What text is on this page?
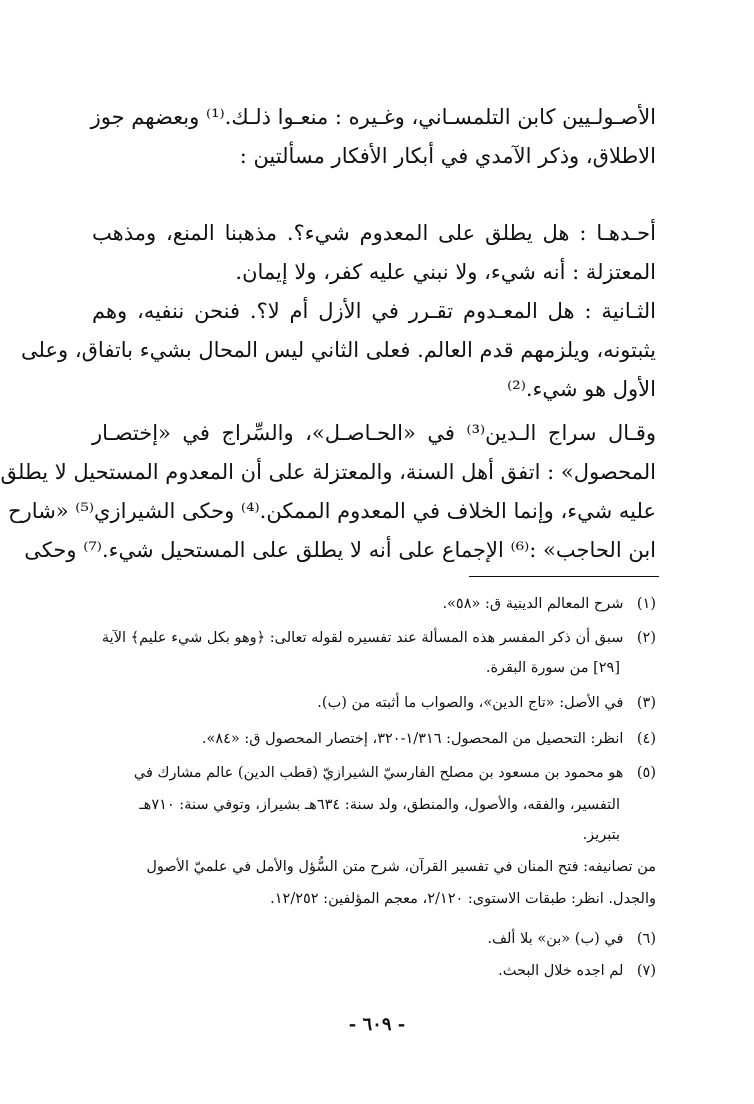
الأصـولـيين كابن التلمسـاني، وغـيره : منعـوا ذلـك.⁽¹⁾ وبعضهم جوز
الاطلاق، وذكر الآمدي في أبكار الأفكار مسألتين :
أحـدهـا : هل يطلق على المعدوم شيء؟. مذهبنا المنع، ومذهب
المعتزلة : أنه شيء، ولا نبني عليه كفر، ولا إيمان.
الثـانية : هل المعـدوم تقـرر في الأزل أم لا؟. فنحن ننفيه، وهم
يثبتونه، ويلزمهم قدم العالم. فعلى الثاني ليس المحال بشيء باتفاق، وعلى
الأول هو شيء.⁽²⁾
وقـال سراج الـدين⁽³⁾ في «الحـاصـل»، والسِّراج في «إختصـار
المحصول» : اتفق أهل السنة، والمعتزلة على أن المعدوم المستحيل لا يطلق
عليه شيء، وإنما الخلاف في المعدوم الممكن.⁽⁴⁾ وحكى الشيرازي⁽⁵⁾ «شارح
ابن الحاجب» :⁽⁶⁾ الإجماع على أنه لا يطلق على المستحيل شيء.⁽⁷⁾ وحكى
(١) شرح المعالم الدينية ق: «٥٨».
(٢) سبق أن ذكر المفسر هذه المسألة عند تفسيره لقوله تعالى: ﴿وهو بكل شيء عليم﴾ الآية
[٢٩] من سورة البقرة.
(٣) في الأصل: «تاج الدين»، والصواب ما أثبته من (ب).
(٤) انظر: التحصيل من المحصول: ١/٣١٦-٣٢٠، إختصار المحصول ق: «٨٤».
(٥) هو محمود بن مسعود بن مصلح الفارسيّ الشيرازيّ (قطب الدين) عالم مشارك في
التفسير، والفقه، والأصول، والمنطق، ولد سنة: ٦٣٤هـ بشيراز، وتوفي سنة: ٧١٠هـ
بتبريز.
من تصانيفه: فتح المنان في تفسير القرآن، شرح متن السُّؤل والأمل في علميّ الأصول
والجدل. انظر: طبقات الاستوى: ٢/١٢٠، معجم المؤلفين: ١٢/٢٥٢.
(٦) في (ب) «بن» بلا ألف.
(٧) لم اجده خلال البحث.
- ٦٠٩ -
